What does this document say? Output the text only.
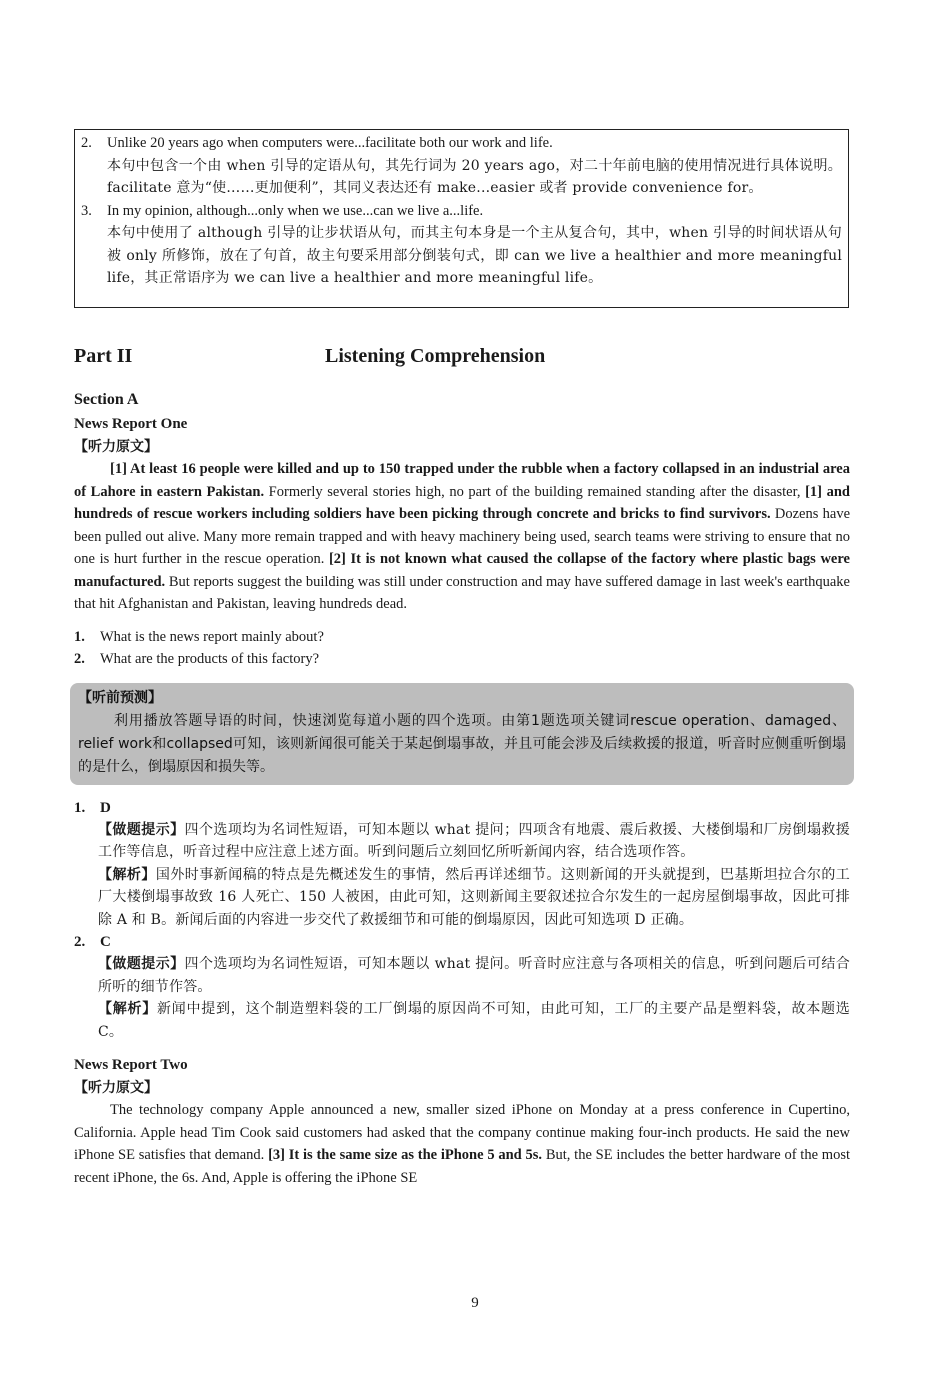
2.	Unlike 20 years ago when computers were...facilitate both our work and life.
本句中包含一个由 when 引导的定语从句，其先行词为 20 years ago，对二十年前电脑的使用情况进行具体说明。facilitate 意为“使……更加便利”，其同义表达还有 make...easier 或者 provide convenience for。
3.	In my opinion, although...only when we use...can we live a...life.
本句中使用了 although 引导的让步状语从句，而其主句本身是一个主从复合句，其中，when 引导的时间状语从句被 only 所修饰，放在了句首，故主句要采用部分倒装句式，即 can we live a healthier and more meaningful life，其正常语序为 we can live a healthier and more meaningful life。
Part II	Listening Comprehension
Section A
News Report One
【听力原文】
[1] At least 16 people were killed and up to 150 trapped under the rubble when a factory collapsed in an industrial area of Lahore in eastern Pakistan. Formerly several stories high, no part of the building remained standing after the disaster, [1] and hundreds of rescue workers including soldiers have been picking through concrete and bricks to find survivors. Dozens have been pulled out alive. Many more remain trapped and with heavy machinery being used, search teams were striving to ensure that no one is hurt further in the rescue operation. [2] It is not known what caused the collapse of the factory where plastic bags were manufactured. But reports suggest the building was still under construction and may have suffered damage in last week's earthquake that hit Afghanistan and Pakistan, leaving hundreds dead.
1.	What is the news report mainly about?
2.	What are the products of this factory?
【听前预测】
利用播放答题导语的时间，快速浏览每道小题的四个选项。由第1题选项关键词rescue operation、damaged、relief work和collapsed可知，该则新闻很可能关于某起倒塌事故，并且可能会涉及后续救援的报道，听音时应侧重听倒塌的是什么，倒塌原因和损失等。
1. D
【做题提示】四个选项均为名词性短语，可知本题以 what 提问；四项含有地震、震后救援、大楼倒塌和厂房倒塌救援工作等信息，听音过程中应注意上述方面。听到问题后立刻回忆所听新闻内容，结合选项作答。
【解析】国外时事新闻稿的特点是先概述发生的事情，然后再详述细节。这则新闻的开头就提到，巴基斯坦拉合尔的工厂大楼倒塌事故致 16 人死亡、150 人被困，由此可知，这则新闻主要叙述拉合尔发生的一起房屋倒塌事故，因此可排除 A 和 B。新闻后面的内容进一步交代了救援细节和可能的倒塌原因，因此可知选项 D 正确。
2. C
【做题提示】四个选项均为名词性短语，可知本题以 what 提问。听音时应注意与各项相关的信息，听到问题后可结合所听的细节作答。
【解析】新闻中提到，这个制造塑料袋的工厂倒塌的原因尚不可知，由此可知，工厂的主要产品是塑料袋，故本题选 C。
News Report Two
【听力原文】
The technology company Apple announced a new, smaller sized iPhone on Monday at a press conference in Cupertino, California. Apple head Tim Cook said customers had asked that the company continue making four-inch products. He said the new iPhone SE satisfies that demand. [3] It is the same size as the iPhone 5 and 5s. But, the SE includes the better hardware of the most recent iPhone, the 6s. And, Apple is offering the iPhone SE
9
